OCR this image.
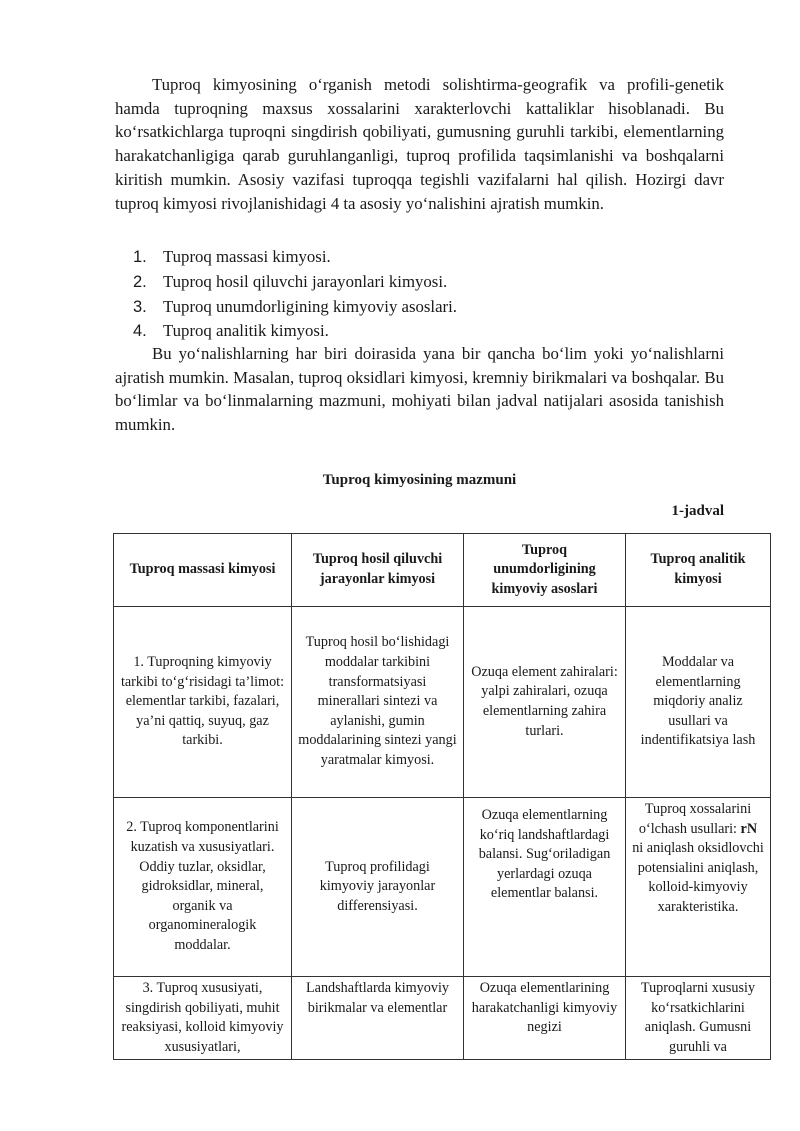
Tuproq kimyosining o‘rganish metodi solishtirma-geografik va profili-genetik hamda tuproqning maxsus xossalarini xarakterlovchi kattaliklar hisoblanadi. Bu ko‘rsatkichlarga tuproqni singdirish qobiliyati, gumusning guruhli tarkibi, elementlarning harakatchanligiga qarab guruhlanganligi, tuproq profilida taqsimlanishi va boshqalarni kiritish mumkin. Asosiy vazifasi tuproqqa tegishli vazifalarni hal qilish. Hozirgi davr tuproq kimyosi rivojlanishidagi 4 ta asosiy yo‘nalishini ajratish mumkin.

1. Tuproq massasi kimyosi.
2. Tuproq hosil qiluvchi jarayonlari kimyosi.
3. Tuproq unumdorligining kimyoviy asoslari.
4. Tuproq analitik kimyosi.

Bu yo‘nalishlarning har biri doirasida yana bir qancha bo‘lim yoki yo‘nalishlarni ajratish mumkin. Masalan, tuproq oksidlari kimyosi, kremniy birikmalari va boshqalar. Bu bo‘limlar va bo‘linmalarning mazmuni, mohiyati bilan jadval natijalari asosida tanishish mumkin.

Tuproq kimyosining mazmuni
1-jadval
Tuproq massasi kimyosi	Tuproq hosil qiluvchi jarayonlar kimyosi	Tuproq unumdorligining kimyoviy asoslari	Tuproq analitik kimyosi
1. Tuproqning kimyoviy tarkibi to‘g‘risidagi ta’limot: elementlar tarkibi, fazalari, ya’ni qattiq, suyuq, gaz tarkibi.	Tuproq hosil bo‘lishidagi moddalar tarkibini transformatsiyasi minerallari sintezi va aylanishi, gumin moddalarining sintezi yangi yaratmalar kimyosi.	Ozuqa element zahiralari: yalpi zahiralari, ozuqa elementlarning zahira turlari.	Moddalar va elementlarning miqdoriy analiz usullari va indentifikatsiya lash
2. Tuproq komponentlarini kuzatish va xususiyatlari. Oddiy tuzlar, oksidlar, gidroksidlar, mineral, organik va organomineralogik moddalar.	Tuproq profilidagi kimyoviy jarayonlar differensiyasi.	Ozuqa elementlarning ko‘riq landshaftlardagi balansi. Sug‘oriladigan yerlardagi ozuqa elementlar balansi.	Tuproq xossalarini o‘lchash usullari: rN ni aniqlash oksidlovchi potensialini aniqlash, kolloid-kimyoviy xarakteristika.
3. Tuproq xususiyati, singdirish qobiliyati, muhit reaksiyasi, kolloid kimyoviy xususiyatlari,	Landshaftlarda kimyoviy birikmalar va elementlar	Ozuqa elementlarining harakatchanligi kimyoviy negizi	Tuproqlarni xususiy ko‘rsatkichlarini aniqlash. Gumusni guruhli va
